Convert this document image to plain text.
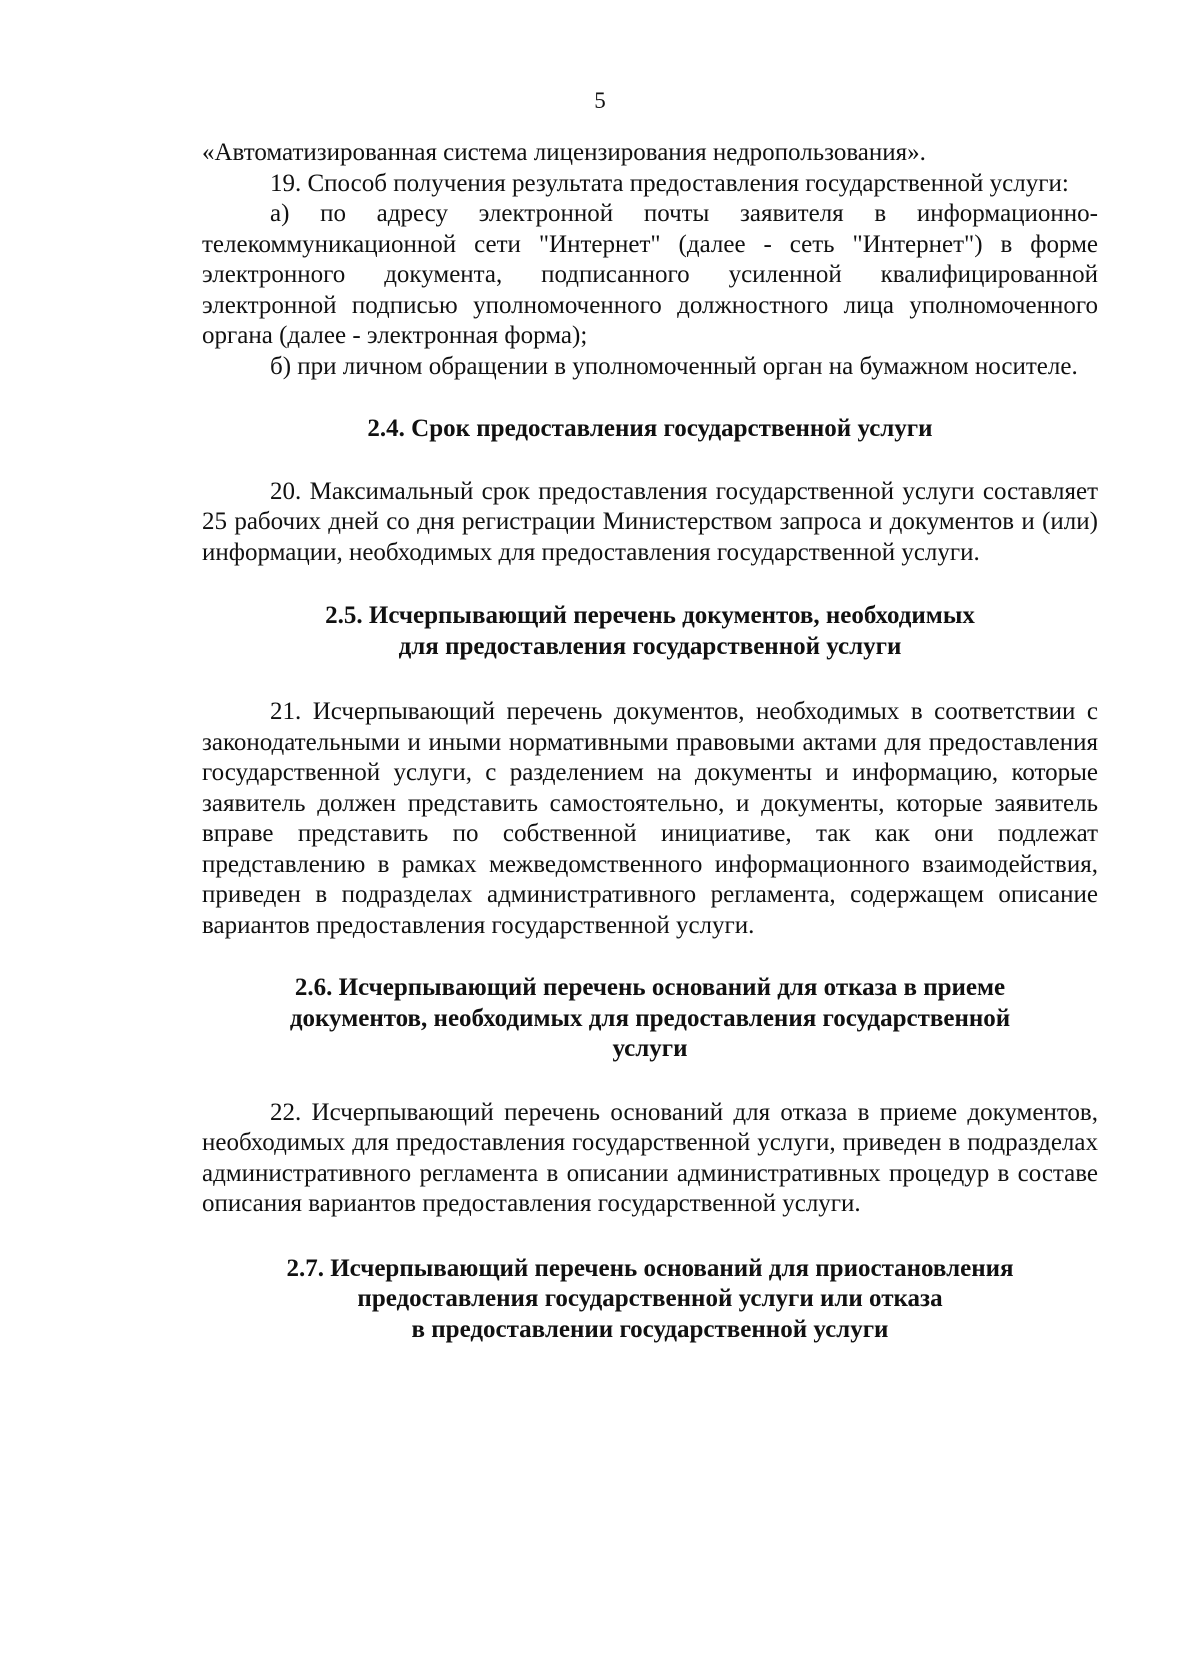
5

«Автоматизированная система лицензирования недропользования».

19. Способ получения результата предоставления государственной услуги:

а) по адресу электронной почты заявителя в информационно-телекоммуникационной сети "Интернет" (далее - сеть "Интернет") в форме электронного документа, подписанного усиленной квалифицированной электронной подписью уполномоченного должностного лица уполномоченного органа (далее - электронная форма);

б) при личном обращении в уполномоченный орган на бумажном носителе.

2.4. Срок предоставления государственной услуги

20. Максимальный срок предоставления государственной услуги составляет 25 рабочих дней со дня регистрации Министерством запроса и документов и (или) информации, необходимых для предоставления государственной услуги.

2.5. Исчерпывающий перечень документов, необходимых
для предоставления государственной услуги

21. Исчерпывающий перечень документов, необходимых в соответствии с законодательными и иными нормативными правовыми актами для предоставления государственной услуги, с разделением на документы и информацию, которые заявитель должен представить самостоятельно, и документы, которые заявитель вправе представить по собственной инициативе, так как они подлежат представлению в рамках межведомственного информационного взаимодействия, приведен в подразделах административного регламента, содержащем описание вариантов предоставления государственной услуги.

2.6. Исчерпывающий перечень оснований для отказа в приеме
документов, необходимых для предоставления государственной
услуги

22. Исчерпывающий перечень оснований для отказа в приеме документов, необходимых для предоставления государственной услуги, приведен в подразделах административного регламента в описании административных процедур в составе описания вариантов предоставления государственной услуги.

2.7. Исчерпывающий перечень оснований для приостановления
предоставления государственной услуги или отказа
в предоставлении государственной услуги
